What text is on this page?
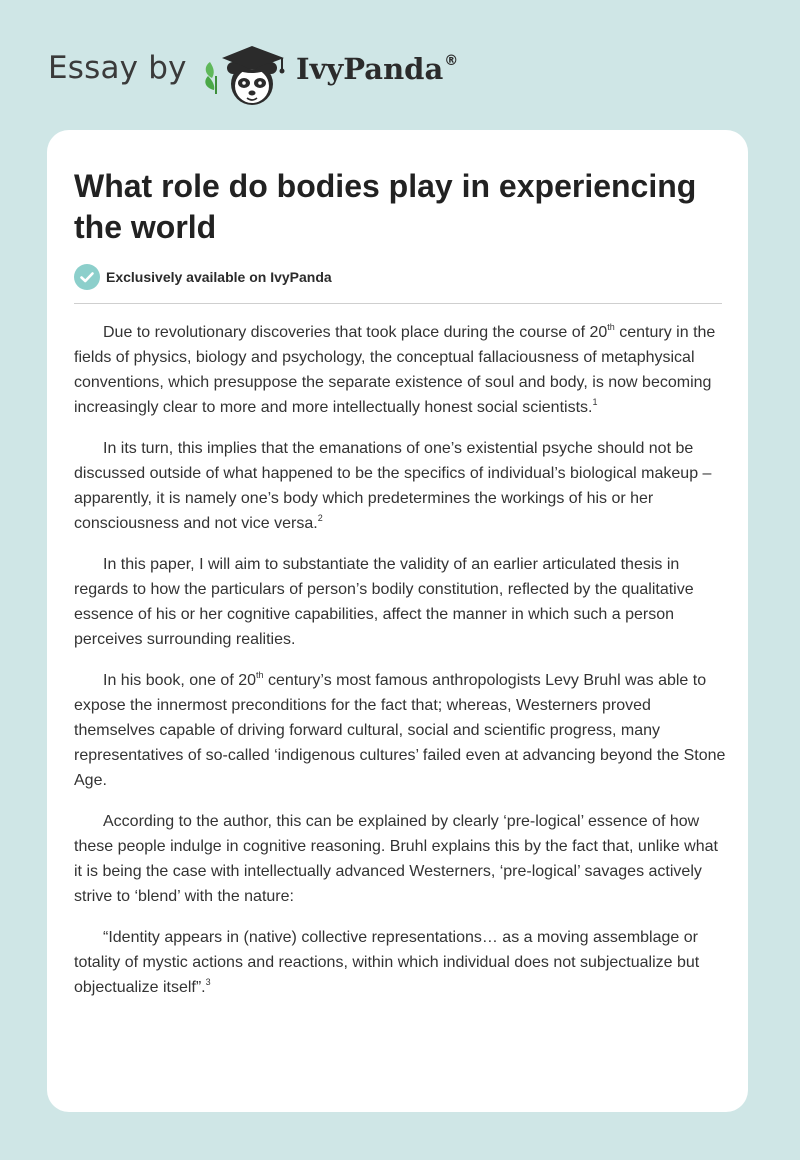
Essay by	IvyPanda®
What role do bodies play in experiencing the world
Exclusively available on IvyPanda

Due to revolutionary discoveries that took place during the course of 20th century in the fields of physics, biology and psychology, the conceptual fallaciousness of metaphysical conventions, which presuppose the separate existence of soul and body, is now becoming increasingly clear to more and more intellectually honest social scientists.$^1$

In its turn, this implies that the emanations of one’s existential psyche should not be discussed outside of what happened to be the specifics of individual’s biological makeup – apparently, it is namely one’s body which predetermines the workings of his or her consciousness and not vice versa.$^2$

In this paper, I will aim to substantiate the validity of an earlier articulated thesis in regards to how the particulars of person’s bodily constitution, reflected by the qualitative essence of his or her cognitive capabilities, affect the manner in which such a person perceives surrounding realities.

In his book, one of 20th century’s most famous anthropologists Levy Bruhl was able to expose the innermost preconditions for the fact that; whereas, Westerners proved themselves capable of driving forward cultural, social and scientific progress, many representatives of so-called ‘indigenous cultures’ failed even at advancing beyond the Stone Age.

According to the author, this can be explained by clearly ‘pre-logical’ essence of how these people indulge in cognitive reasoning. Bruhl explains this by the fact that, unlike what it is being the case with intellectually advanced Westerners, ‘pre-logical’ savages actively strive to ‘blend’ with the nature:

“Identity appears in (native) collective representations… as a moving assemblage or totality of mystic actions and reactions, within which individual does not subjectualize but objectualize itself”.$^3$
